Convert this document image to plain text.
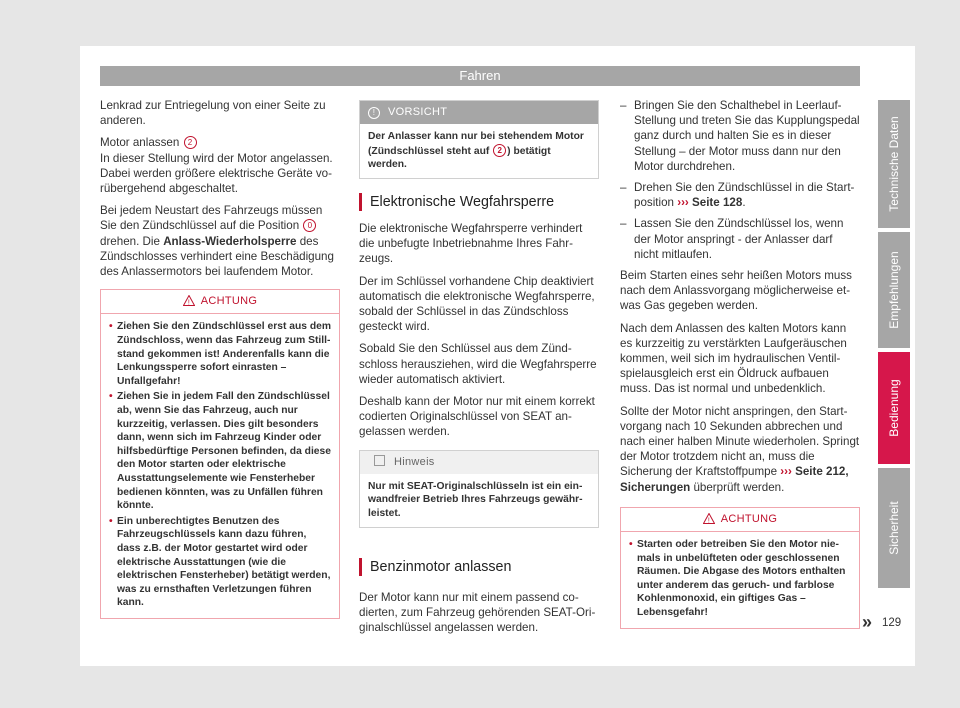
Fahren

Lenkrad zur Entriegelung von einer Seite zu anderen.

Motor anlassen 2

In dieser Stellung wird der Motor angelassen. Dabei werden größere elektrische Geräte vorübergehend abgeschaltet.

Bei jedem Neustart des Fahrzeugs müssen Sie den Zündschlüssel auf die Position 0 drehen. Die Anlass-Wiederholsperre des Zündschlosses verhindert eine Beschädigung des Anlassermotors bei laufendem Motor.

! ACHTUNG
• Ziehen Sie den Zündschlüssel erst aus dem Zündschloss, wenn das Fahrzeug zum Stillstand gekommen ist! Anderenfalls kann die Lenkungssperre sofort einrasten – Unfallgefahr!
• Ziehen Sie in jedem Fall den Zündschlüssel ab, wenn Sie das Fahrzeug, auch nur kurzzeitig, verlassen. Dies gilt besonders dann, wenn sich im Fahrzeug Kinder oder hilfsbedürftige Personen befinden, da diese den Motor starten oder elektrische Ausstattungselemente wie Fensterheber bedienen könnten, was zu Unfällen führen könnte.
• Ein unberechtigtes Benutzen des Fahrzeugschlüssels kann dazu führen, dass z.B. der Motor gestartet wird oder elektrische Ausstattungen (wie die elektrischen Fensterheber) betätigt werden, was zu ernsthaften Verletzungen führen kann.
! VORSICHT
Der Anlasser kann nur bei stehendem Motor (Zündschlüssel steht auf 2 ) betätigt werden.
Elektronische Wegfahrsperre

Die elektronische Wegfahrsperre verhindert die unbefugte Inbetriebnahme Ihres Fahrzeugs.

Der im Schlüssel vorhandene Chip deaktiviert automatisch die elektronische Wegfahrsperre, sobald der Schlüssel in das Zündschloss gesteckt wird.

Sobald Sie den Schlüssel aus dem Zündschloss herausziehen, wird die Wegfahrsperre wieder automatisch aktiviert.

Deshalb kann der Motor nur mit einem korrekt codierten Originalschlüssel von SEAT angelassen werden.

Hinweis
Nur mit SEAT-Originalschlüsseln ist ein einwandfreier Betrieb Ihres Fahrzeugs gewährleistet.
Benzinmotor anlassen

Der Motor kann nur mit einem passend codierten, zum Fahrzeug gehörenden SEAT-Originalschlüssel angelassen werden.

– Bringen Sie den Schalthebel in Leerlauf-Stellung und treten Sie das Kupplungspedal ganz durch und halten Sie es in dieser Stellung – der Motor muss dann nur den Motor durchdrehen.
– Drehen Sie den Zündschlüssel in die Startposition ››› Seite 128.
– Lassen Sie den Zündschlüssel los, wenn der Motor anspringt - der Anlasser darf nicht mitlaufen.

Beim Starten eines sehr heißen Motors muss nach dem Anlassvorgang möglicherweise etwas Gas gegeben werden.

Nach dem Anlassen des kalten Motors kann es kurzzeitig zu verstärkten Laufgeräuschen kommen, weil sich im hydraulischen Ventilspielausgleich erst ein Öldruck aufbauen muss. Das ist normal und unbedenklich.

Sollte der Motor nicht anspringen, den Startvorgang nach 10 Sekunden abbrechen und nach einer halben Minute wiederholen. Springt der Motor trotzdem nicht an, muss die Sicherung der Kraftstoffpumpe ››› Seite 212, Sicherungen überprüft werden.

! ACHTUNG
• Starten oder betreiben Sie den Motor niemals in unbelüfteten oder geschlossenen Räumen. Die Abgase des Motors enthalten unter anderem das geruch- und farblose Kohlenmonoxid, ein giftiges Gas – Lebensgefahr!	»
Technische Daten
Empfehlungen
Bedienung
Sicherheit
129
